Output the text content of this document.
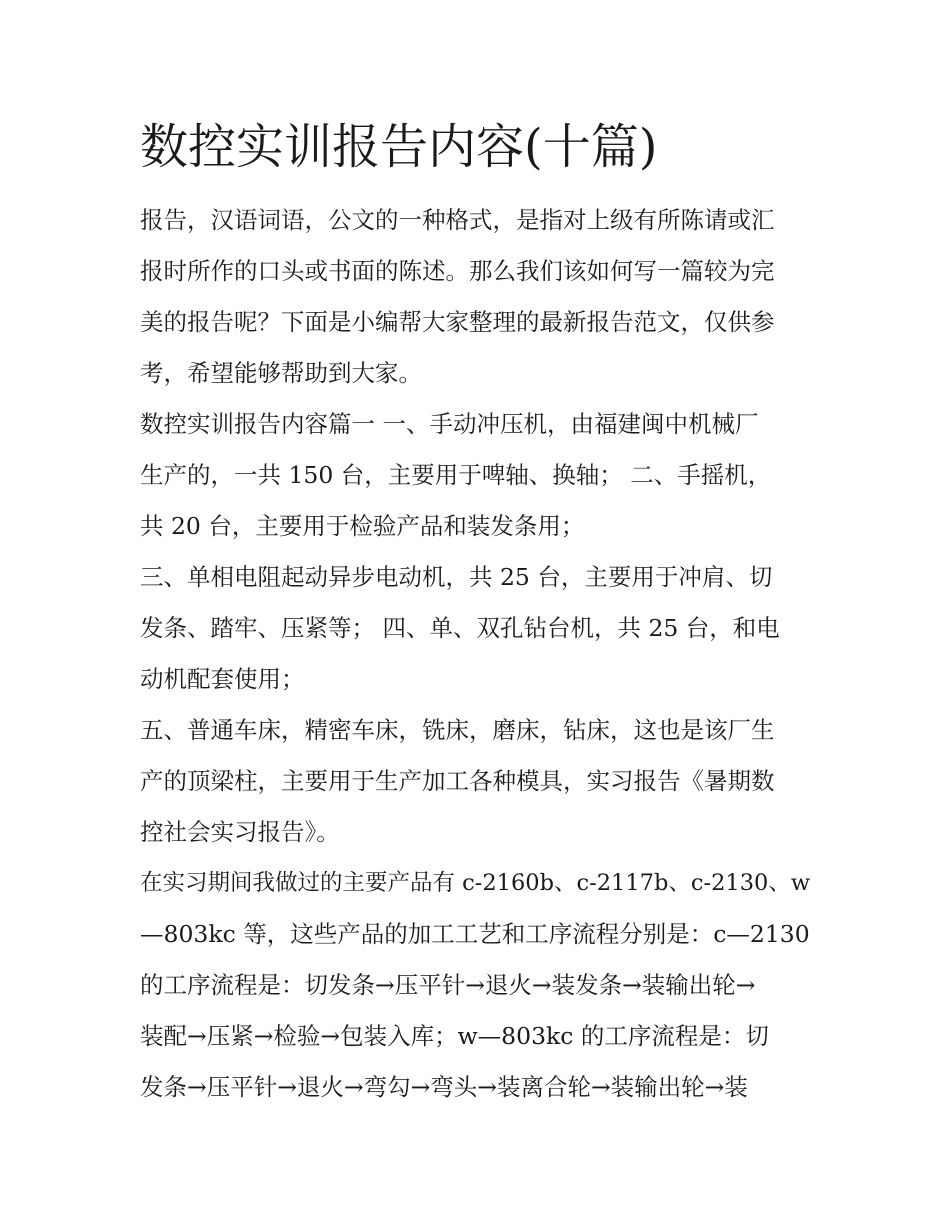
数控实训报告内容(十篇)
报告，汉语词语，公文的一种格式，是指对上级有所陈请或汇
报时所作的口头或书面的陈述。那么我们该如何写一篇较为完
美的报告呢？下面是小编帮大家整理的最新报告范文，仅供参
考，希望能够帮助到大家。
数控实训报告内容篇一 一、手动冲压机，由福建闽中机械厂
生产的，一共 150 台，主要用于啤轴、换轴； 二、手摇机，
共 20 台，主要用于检验产品和装发条用；
三、单相电阻起动异步电动机，共 25 台，主要用于冲肩、切
发条、踏牢、压紧等； 四、单、双孔钻台机，共 25 台，和电
动机配套使用；
五、普通车床，精密车床，铣床，磨床，钻床，这也是该厂生
产的顶梁柱，主要用于生产加工各种模具，实习报告《暑期数
控社会实习报告》。
在实习期间我做过的主要产品有 c-2160b、c-2117b、c-2130、w
—803kc 等，这些产品的加工工艺和工序流程分别是：c—2130
的工序流程是：切发条→压平针→退火→装发条→装输出轮→
装配→压紧→检验→包装入库；w—803kc 的工序流程是：切
发条→压平针→退火→弯勾→弯头→装离合轮→装输出轮→装
